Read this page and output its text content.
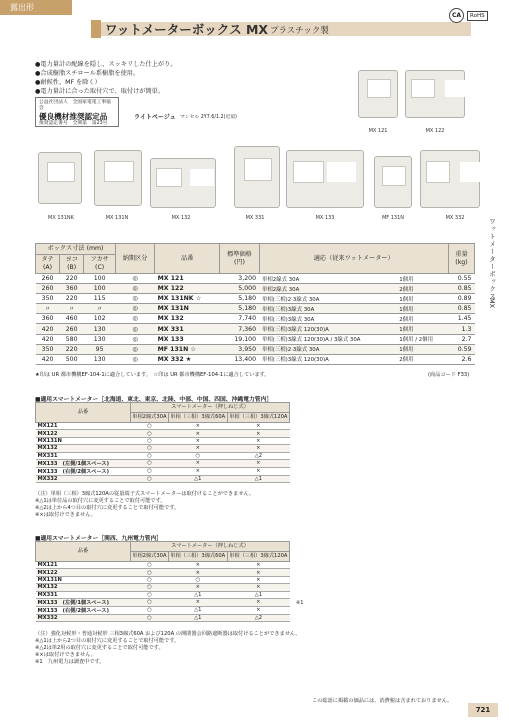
露出形
ワットメーターボックス MX プラスチック製
CA	RoHS
●電力量計の配線を隠し、スッキリした仕上がり。
●合成樹脂スチロール系樹脂を使用。
●耐候性、MF を除く）
●電力量計に合った取付穴で、取付けが簡単。
公益社団法人　全国家電電工事協会
優良機材推奨認定品
推奨認定番号　全関第　第23号
ライトページュ マンセル 2Y7.6/1.2(近似)
MX 121	MX 122
MX 131NK	MX 131N	MX 132	MX 331	MX 133	MF 131N	MX 332	ワットメーターボックス
MX
ボックス寸法 (mm)			納期区分	品番	標準価格
(円)	適応（従来ワットメーター）		重量
(kg)
タテ
(A)	ヨコ
(B)	フカサ
(C)						
260	220	100	◎	MX 121	3,200	単相2線式 30A	1個用	0.55
260	360	100	◎	MX 122	5,000	単相2線式 30A	2個用	0.85
350	220	115	◎	MX 131NK ☆	5,180	単相(三相)2·3線式 30A	1個用	0.89
〃	〃	〃	◎	MX 131N	5,180	単相(三相)3線式 30A	1個用	0.85
360	460	102	◎	MX 132	7,740	単相(三相)3線式 30A	2個用	1.45
420	260	130	◎	MX 331	7,360	単相(三相)3線式 120(30)A	1個用	1.3
420	580	130	◎	MX 133	19,100	単相(三相)3線式 120(30)A / 3線式 30A	1個用 / 2個用	2.7
350	220	95	◎	MF 131N ☆	3,950	単相(三相)2·3線式 30A	1個用	0.59
420	500	130	◎	MX 332 ★	13,400	単相(三相)3線式 120(30)A	2個用	2.6
★印は UR 都市機構EF-104-1に適合しています。　☆印は UR 都市機構EF-104-1に適合しています。	(商品コード F33)
■適用スマートメーター［北海道、東北、東京、北陸、中部、中国、四国、沖縄電力管内］
品番	スマートメーター（押しねじ式）		
	単相2線式30A	単相（三相）3線式60A	単相（三相）3線式120A
MX121	○	×	×
MX122	○	×	×
MX131N	○	×	×
MX132	○	×	×
MX331	○	○	△2
MX133　(左側/1個スペース)	○	×	×
MX133　(右側/2個スペース)	○	×	×
MX332	○	△1	△1
（注）単相（三相）3線式120Aの従量端子式スマートメーターは取付けることができません。
※△1は単位品の取付穴に変更することで取付可能です。
※△2は上から4つ目の取付穴に変更することで取付可能です。
※×は取付けできません。
■適用スマートメーター［関西、九州電力管内］
品番	スマートメーター（押しねじ式）		
	単相2線式30A	単相（三相）3線式60A	単相（三相）3線式120A
MX121	○	×	×
MX122	○	×	×
MX131N	○	○	×
MX132	○	×	×
MX331	○	△1	△1
MX133　(左側/1個スペース)	○	×	×
MX133　(右側/2個スペース)	○	△1	×
MX332	○	△1	△2
※1
（注）強化対候形・普通対候形 三相3線式60A および120A の開閉器会回路遮断器は取付けることができません。
※△1は上から2つ目の取付穴に変更することで取付可能です。
※△2は単2用の取付穴に変更することで取付可能です。
※×は取付けできません。
※1　九州電力は調査中です。
この総語に掲載の価品には、消費税は含まれておりません。
721
